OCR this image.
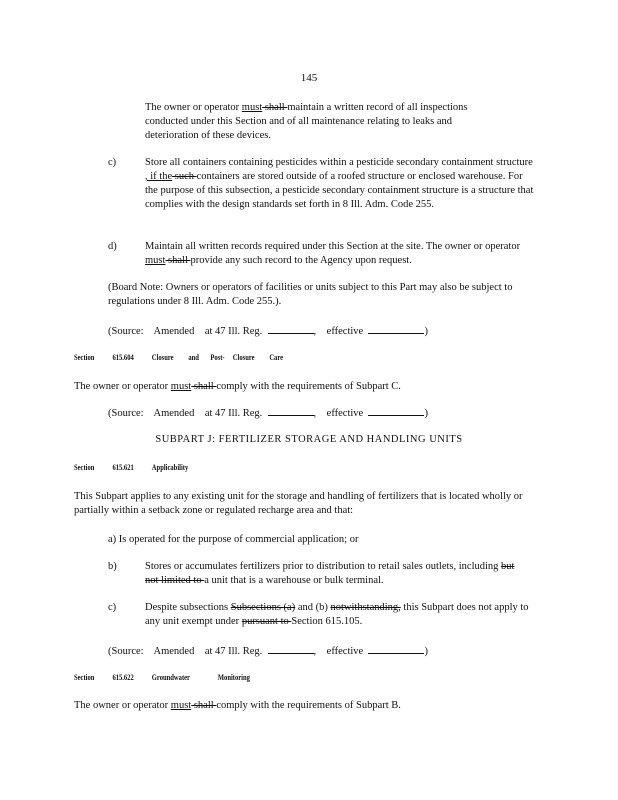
145
The owner or operator must shall maintain a written record of all inspections conducted under this Section and of all maintenance relating to leaks and deterioration of these devices.
c)	Store all containers containing pesticides within a pesticide secondary containment structure , if the such containers are stored outside of a roofed structure or enclosed warehouse. For the purpose of this subsection, a pesticide secondary containment structure is a structure that complies with the design standards set forth in 8 Ill. Adm. Code 255.
d)	Maintain all written records required under this Section at the site. The owner or operator must shall provide any such record to the Agency upon request.
(Board Note: Owners or operators of facilities or units subject to this Part may also be subject to regulations under 8 Ill. Adm. Code 255.).
(Source: Amended at 47 Ill. Reg.	, effective	)
Section 615.604 Closure and Post- Closure Care
The owner or operator must shall comply with the requirements of Subpart C.
(Source: Amended at 47 Ill. Reg.	, effective	)
SUBPART J: FERTILIZER STORAGE AND HANDLING UNITS
Section 615.621 Applicability
This Subpart applies to any existing unit for the storage and handling of fertilizers that is located wholly or partially within a setback zone or regulated recharge area and that:
a) Is operated for the purpose of commercial application; or
b)	Stores or accumulates fertilizers prior to distribution to retail sales outlets, including but not limited to a unit that is a warehouse or bulk terminal.
c)	Despite subsections Subsections (a) and (b) notwithstanding, this Subpart does not apply to any unit exempt under pursuant to Section 615.105.
(Source: Amended at 47 Ill. Reg.	, effective	)
Section 615.622 Groundwater	Monitoring
The owner or operator must shall comply with the requirements of Subpart B.
